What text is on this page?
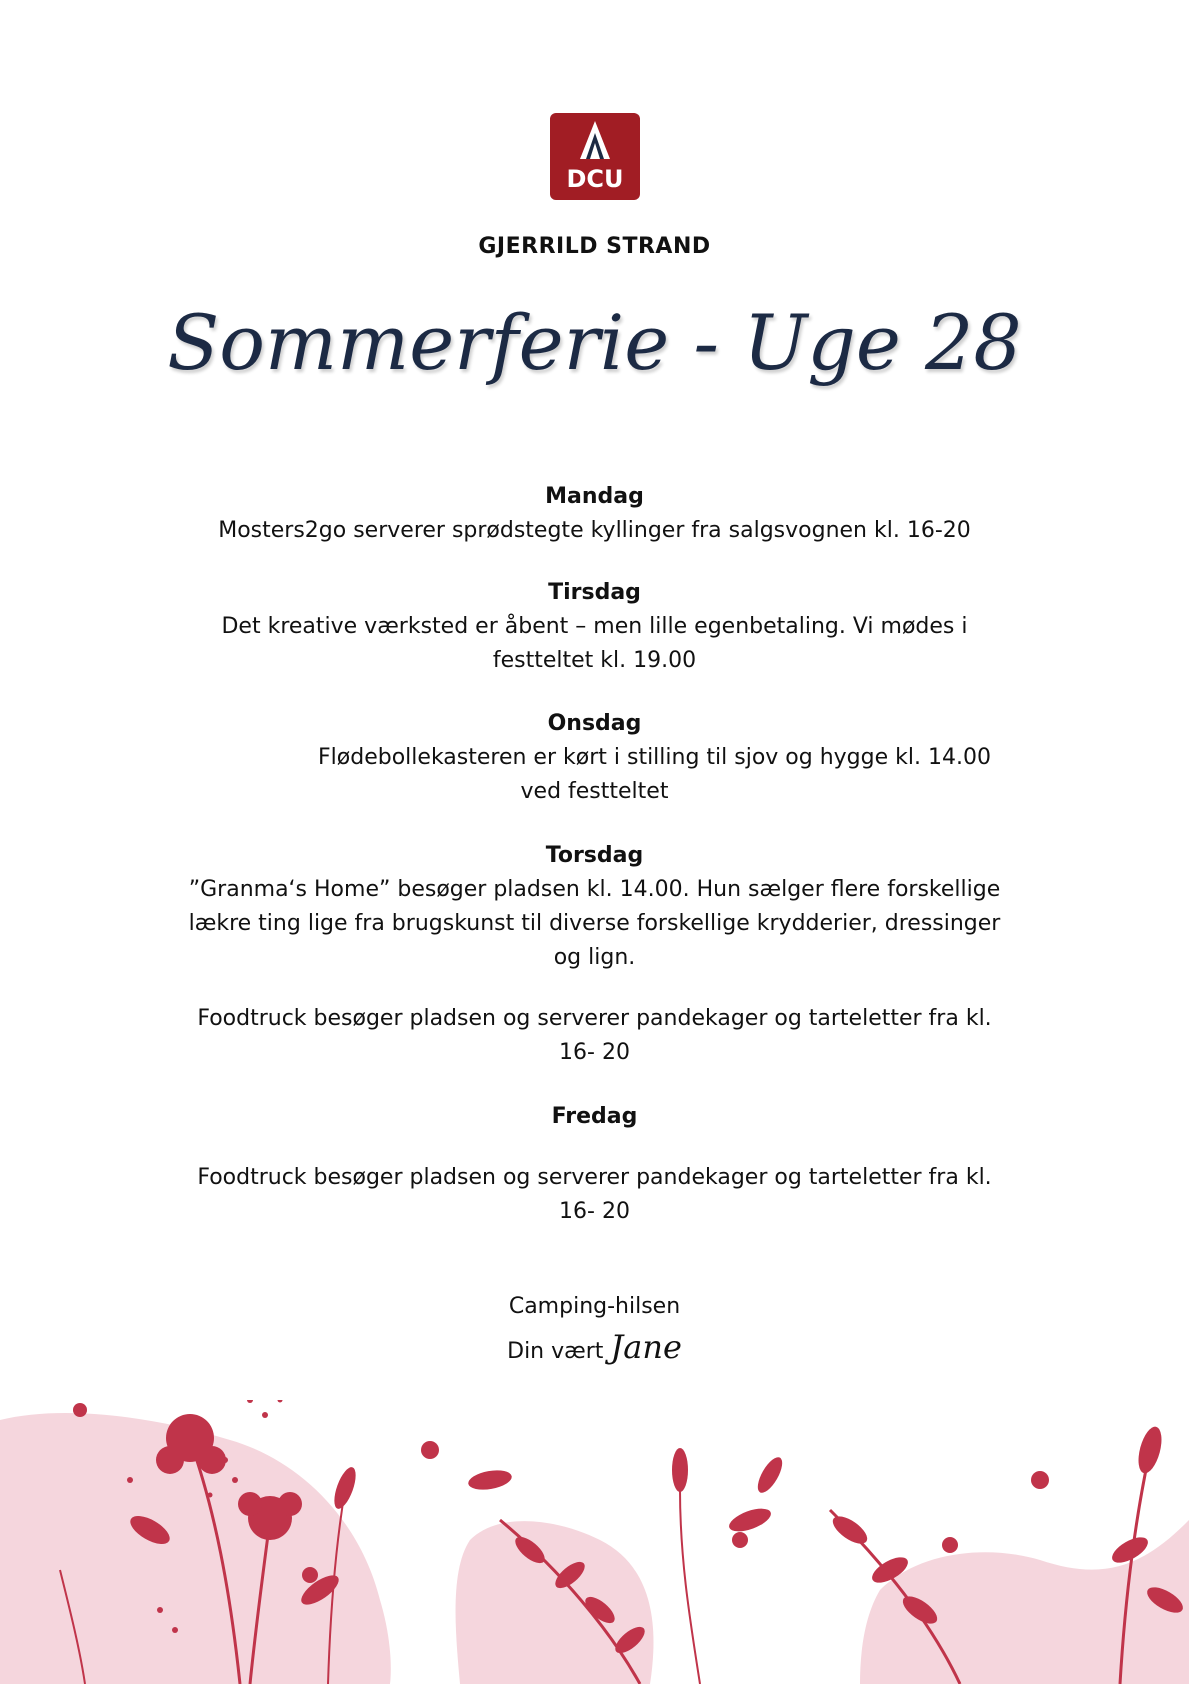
DCU
GJERRILD STRAND
Sommerferie - Uge 28
Mandag
Mosters2go serverer sprødstegte kyllinger fra salgsvognen kl. 16-20
Tirsdag
Det kreative værksted er åbent – men lille egenbetaling. Vi mødes i
festteltet kl. 19.00
Onsdag
Flødebollekasteren er kørt i stilling til sjov og hygge kl. 14.00
ved festteltet
Torsdag
”Granma‘s Home” besøger pladsen kl. 14.00. Hun sælger flere forskellige
lækre ting lige fra brugskunst til diverse forskellige krydderier, dressinger
og lign.
Foodtruck besøger pladsen og serverer pandekager og tarteletter fra kl.
16- 20
Fredag
Foodtruck besøger pladsen og serverer pandekager og tarteletter fra kl.
16- 20
Camping-hilsen
Din vært Jane
